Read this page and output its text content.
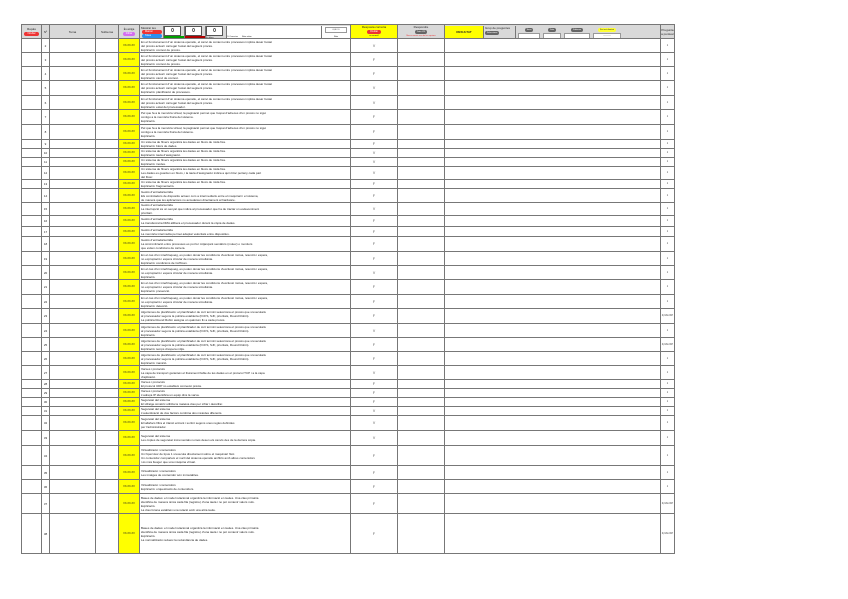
Repàs
Ocultar	Nº	Tema	Subtema	
Ès antiga
Filtrar	
Mostrar les
Marcar
Totes
0	0	0
En blanc	% Correctes Nota sobre
0,00 / 0
Nota

Resposta correcta
Ocultar
en vermell

Respondre
Totes V/F
Marca només una de les opcions

RESULTAT
Grup de preguntes
Seleccionar
Tema	Data	Subtema	Fer test aleatori
-- -- -- --
	Pregunta a puntuar
	2			XX-XX-XX	En el funcionament d’un sistema operatiu, el canvi de context entre processos implica desar l’estat
del procés actual i carregar l’estat del següent procés.
Explicació: context de procés.	V			1
	3			XX-XX-XX	En el funcionament d’un sistema operatiu, el canvi de context entre processos implica desar l’estat
del procés actual i carregar l’estat del següent procés.
Explicació: context de procés.	F			1
	4			XX-XX-XX	En el funcionament d’un sistema operatiu, el canvi de context entre processos implica desar l’estat
del procés actual i carregar l’estat del següent procés.
Explicació: canvi de context.	F			1
	5			XX-XX-XX	En el funcionament d’un sistema operatiu, el canvi de context entre processos implica desar l’estat
del procés actual i carregar l’estat del següent procés.
Explicació: planificació de processos.	V			1
	6			XX-XX-XX	En el funcionament d’un sistema operatiu, el canvi de context entre processos implica desar l’estat
del procés actual i carregar l’estat del següent procés.
Explicació: estat del processador.	V			1
	7			XX-XX-XX	Pel que fa a la memòria virtual, la paginació permet que l’espai d’adreces d’un procés no sigui
contigu a la memòria física del sistema.
Explicació.	F			1
	8			XX-XX-XX	Pel que fa a la memòria virtual, la paginació permet que l’espai d’adreces d’un procés no sigui
contigu a la memòria física del sistema.
Explicació.	F			1
	9			XX-XX-XX	Un sistema de fitxers organitza les dades en blocs de mida fixa.
Explicació: blocs de dades.	F			1
	10			XX-XX-XX	Un sistema de fitxers organitza les dades en blocs de mida fixa.
Explicació: taula d’assignació.	V			1
	11			XX-XX-XX	Un sistema de fitxers organitza les dades en blocs de mida fixa.
Explicació: inodes.	V			1
	12			XX-XX-XX	Un sistema de fitxers organitza les dades en blocs de mida fixa.
Les dades es guarden en blocs, i la taula d’assignació indica a quin bloc pertany cada part
del fitxer.	V			1
	13			XX-XX-XX	Un sistema de fitxers organitza les dades en blocs de mida fixa.
Explicació: fragmentació.	F			1
	14			XX-XX-XX	Gestió d’entrada/sortida
Els controladors de dispositiu actuen com a intermediaris entre el maquinari i el sistema,
de manera que les aplicacions no accedeixen directament al hardware.	F			1
	15			XX-XX-XX	Gestió d’entrada/sortida
La interrupció és un senyal que indica al processador que ha de tractar un esdeveniment
prioritari.	V			1
	16			XX-XX-XX	Gestió d’entrada/sortida
La transferència DMA allibera el processador durant la còpia de dades.	F			1
	17			XX-XX-XX	Gestió d’entrada/sortida
La memòria intermèdia permet adaptar velocitats entre dispositius.	F			1
	18			XX-XX-XX	Gestió d’entrada/sortida
La sincronització entre processos es pot fer mitjançant semàfors (mutex) o monitors
que eviten condicions de carrera.	F			1
	19			XX-XX-XX	En el cas d’un interbloqueig, es poden donar les condicions d’exclusió mútua, retenció i espera,
no expropiació i espera circular de manera simultània.
Explicació: condicions de Coffman.	F			1
	20			XX-XX-XX	En el cas d’un interbloqueig, es poden donar les condicions d’exclusió mútua, retenció i espera,
no expropiació i espera circular de manera simultània.
Explicació.	V			1
	21			XX-XX-XX	En el cas d’un interbloqueig, es poden donar les condicions d’exclusió mútua, retenció i espera,
no expropiació i espera circular de manera simultània.
Explicació: prevenció.	F			1
	22			XX-XX-XX	En el cas d’un interbloqueig, es poden donar les condicions d’exclusió mútua, retenció i espera,
no expropiació i espera circular de manera simultània.
Explicació: detecció.	F			1
	23			XX-XX-XX	Algorismes de planificació: el planificador de curt termini selecciona el procés que s’executarà
al processador segons la política establerta (FCFS, SJF, prioritats, Round Robin).
La política Round Robin assigna un quàntum fix a cada procés.	F			#¡VALOR!
	24			XX-XX-XX	Algorismes de planificació: el planificador de curt termini selecciona el procés que s’executarà
al processador segons la política establerta (FCFS, SJF, prioritats, Round Robin).
Explicació.	V			1
	25			XX-XX-XX	Algorismes de planificació: el planificador de curt termini selecciona el procés que s’executarà
al processador segons la política establerta (FCFS, SJF, prioritats, Round Robin).
Explicació: temps d’espera mitjà.	F			#¡VALOR!
	26			XX-XX-XX	Algorismes de planificació: el planificador de curt termini selecciona el procés que s’executarà
al processador segons la política establerta (FCFS, SJF, prioritats, Round Robin).
Explicació: inanició.	F			1
	27			XX-XX-XX	Xarxes i protocols
La capa de transport garanteix el lliurament fiable de les dades en el protocol TCP i a la capa
d’aplicació.	V			1
	28			XX-XX-XX	Xarxes i protocols
El protocol UDP no estableix connexió prèvia.	F			1
	29			XX-XX-XX	Xarxes i protocols
L’adreça IP identifica un equip dins la xarxa.	F			1
	30			XX-XX-XX	Seguretat del sistema
El xifratge simètric utilitza la mateixa clau per xifrar i desxifrar.	F			1
	31			XX-XX-XX	Seguretat del sistema
L’autenticació de dos factors combina dos mètodes diferents.	V			1
	32			XX-XX-XX	Seguretat del sistema
El tallafocs filtra el trànsit entrant i sortint segons unes regles definides
per l’administrador.	V			1
	33			XX-XX-XX	Seguretat del sistema
Les còpies de seguretat incrementals només desen els canvis des de la darrera còpia.	V			1
	34			XX-XX-XX	Virtualització i contenidors
Un hipervisor de tipus 1 s’executa directament sobre el maquinari físic.
Un contenidor comparteix el nucli del sistema operatiu amfitrió amb altres contenidors
i és més lleuger que una màquina virtual.	F			1
	35			XX-XX-XX	Virtualització i contenidors
Les imatges de contenidor són immutables.	F			1
	36			XX-XX-XX	Virtualització i contenidors
Explicació: orquestració de contenidors.	F			1
	37			XX-XX-XX	Bases de dades: el model relacional organitza la informació en taules. Una clau primària
identifica de manera única cada fila (registre) d’una taula i no pot contenir valors nuls.
Explicació.
La clau forana estableix una relació amb una altra taula.	F			#¡VALOR!
	38			XX-XX-XX	Bases de dades: el model relacional organitza la informació en taules. Una clau primària
identifica de manera única cada fila (registre) d’una taula i no pot contenir valors nuls.
Explicació.
La normalització redueix la redundància de dades.	F			#¡VALOR!
